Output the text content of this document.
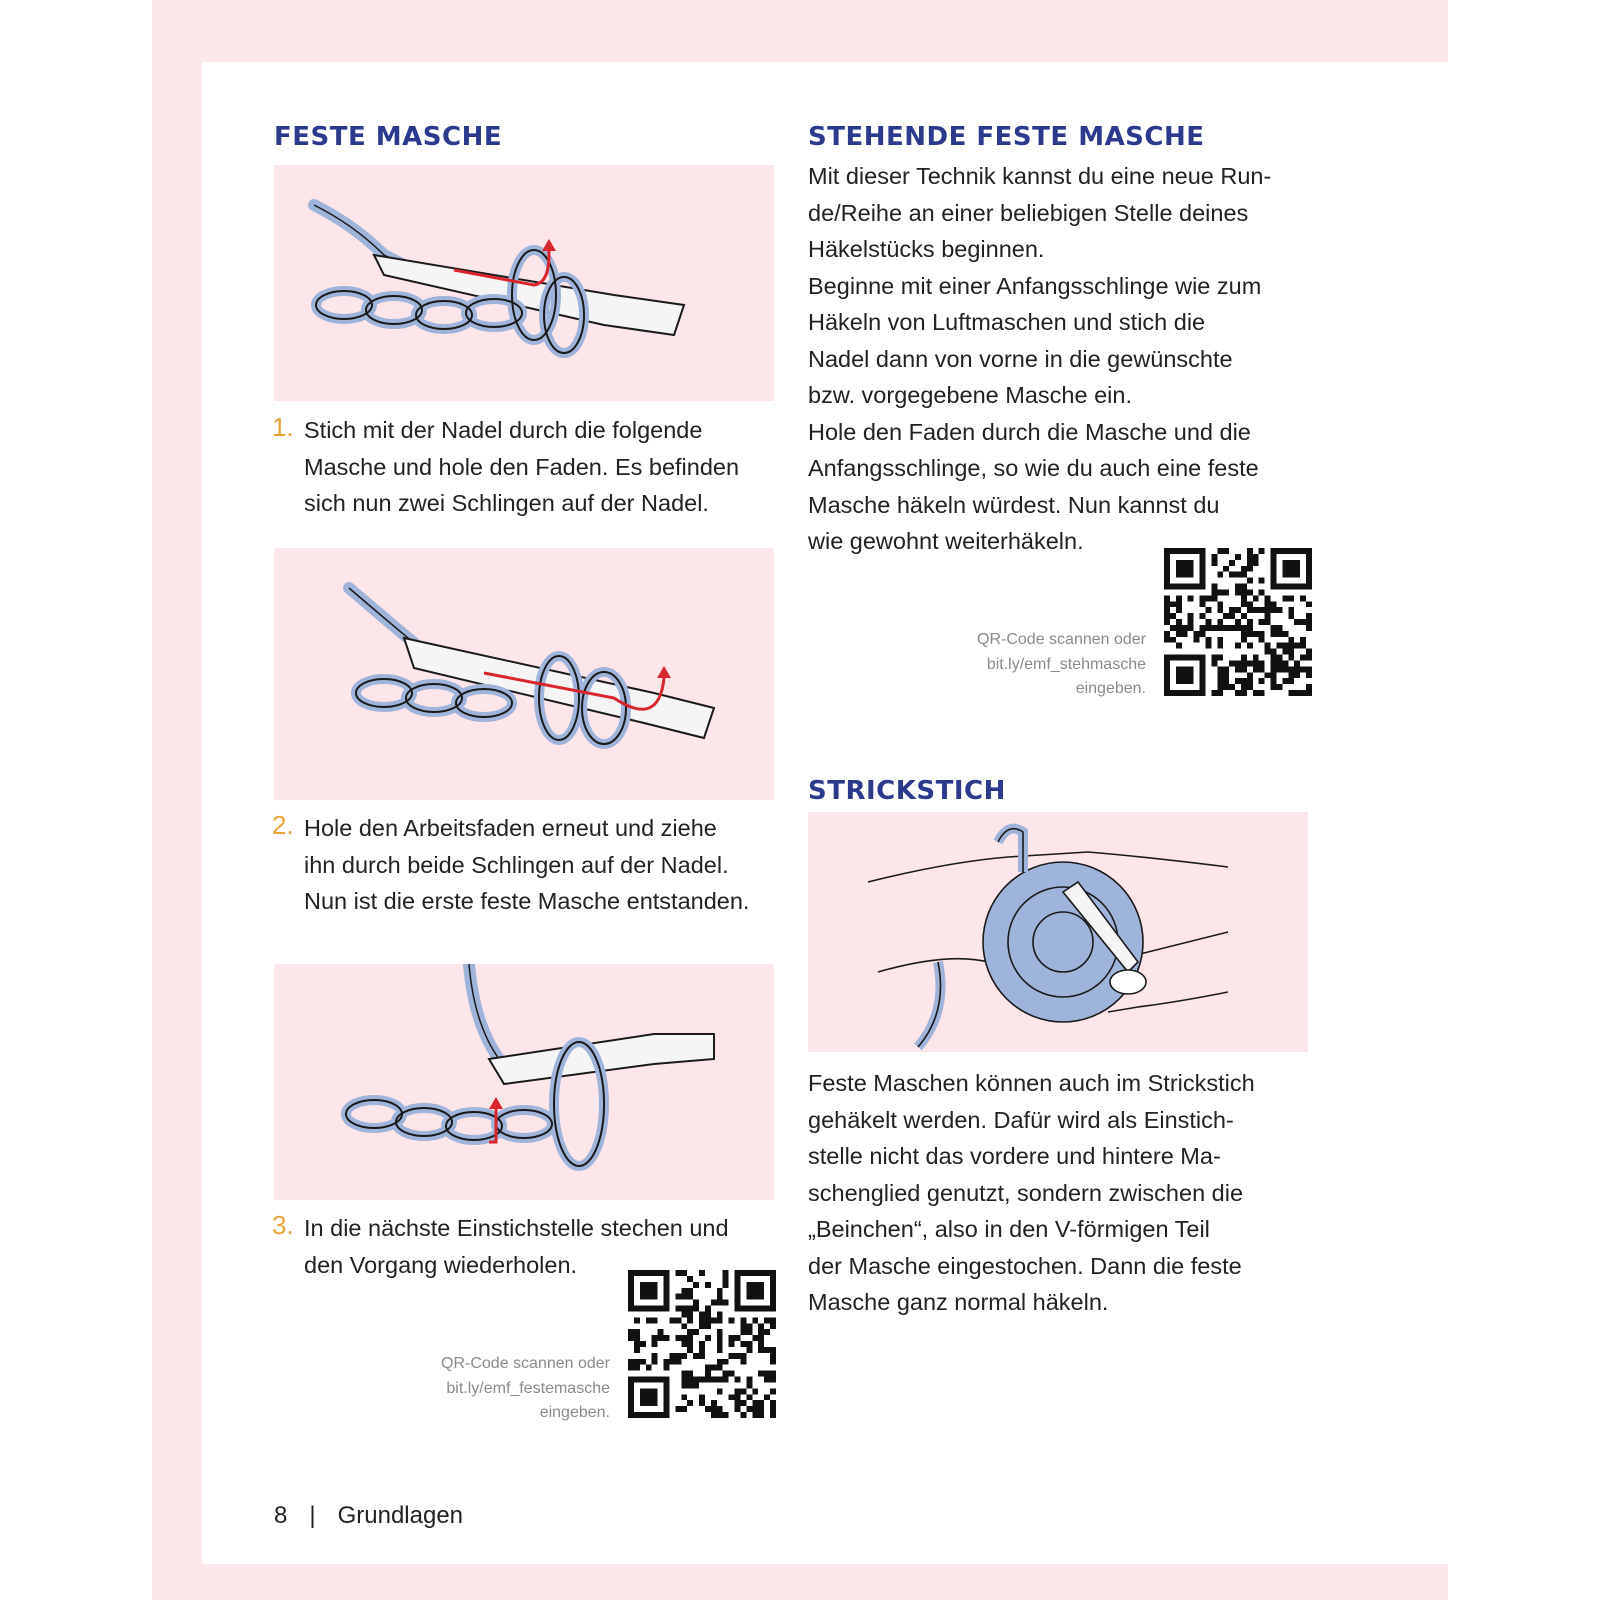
FESTE MASCHE
1. Stich mit der Nadel durch die folgende
Masche und hole den Faden. Es befinden
sich nun zwei Schlingen auf der Nadel.
2. Hole den Arbeitsfaden erneut und ziehe
ihn durch beide Schlingen auf der Nadel.
Nun ist die erste feste Masche entstanden.
3. In die nächste Einstichstelle stechen und
den Vorgang wiederholen.
QR-Code scannen oder
bit.ly/emf_festemasche
eingeben.
STEHENDE FESTE MASCHE
Mit dieser Technik kannst du eine neue Run-
de/Reihe an einer beliebigen Stelle deines
Häkelstücks beginnen.
Beginne mit einer Anfangsschlinge wie zum
Häkeln von Luftmaschen und stich die
Nadel dann von vorne in die gewünschte
bzw. vorgegebene Masche ein.
Hole den Faden durch die Masche und die
Anfangsschlinge, so wie du auch eine feste
Masche häkeln würdest. Nun kannst du
wie gewohnt weiterhäkeln.
QR-Code scannen oder
bit.ly/emf_stehmasche
eingeben.
STRICKSTICH
Feste Maschen können auch im Strickstich
gehäkelt werden. Dafür wird als Einstich-
stelle nicht das vordere und hintere Ma-
schenglied genutzt, sondern zwischen die
„Beinchen“, also in den V-förmigen Teil
der Masche eingestochen. Dann die feste
Masche ganz normal häkeln.
8 | Grundlagen
